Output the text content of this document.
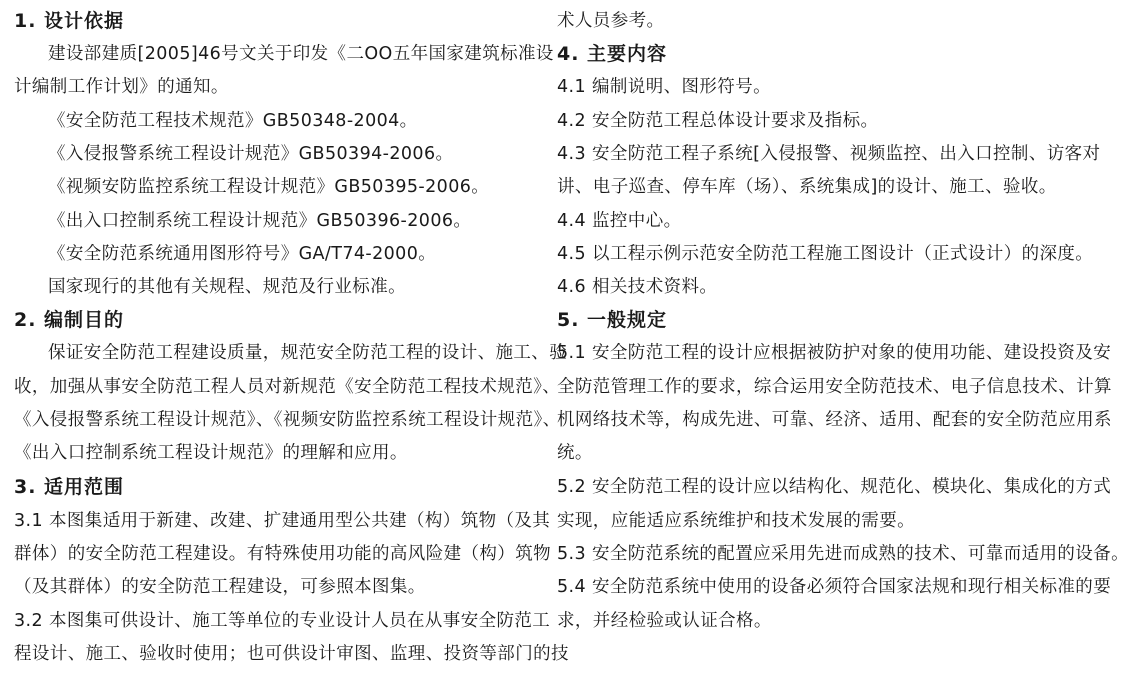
1. 设计依据
建设部建质[2005]46号文关于印发《二OO五年国家建筑标准设
计编制工作计划》的通知。
《安全防范工程技术规范》GB50348-2004。
《入侵报警系统工程设计规范》GB50394-2006。
《视频安防监控系统工程设计规范》GB50395-2006。
《出入口控制系统工程设计规范》GB50396-2006。
《安全防范系统通用图形符号》GA/T74-2000。
国家现行的其他有关规程、规范及行业标准。
2. 编制目的
保证安全防范工程建设质量，规范安全防范工程的设计、施工、验
收，加强从事安全防范工程人员对新规范《安全防范工程技术规范》、
《入侵报警系统工程设计规范》、《视频安防监控系统工程设计规范》、
《出入口控制系统工程设计规范》的理解和应用。
3. 适用范围
3.1 本图集适用于新建、改建、扩建通用型公共建（构）筑物（及其
群体）的安全防范工程建设。有特殊使用功能的高风险建（构）筑物
（及其群体）的安全防范工程建设，可参照本图集。
3.2 本图集可供设计、施工等单位的专业设计人员在从事安全防范工
程设计、施工、验收时使用；也可供设计审图、监理、投资等部门的技
术人员参考。
4. 主要内容
4.1 编制说明、图形符号。
4.2 安全防范工程总体设计要求及指标。
4.3 安全防范工程子系统[入侵报警、视频监控、出入口控制、访客对
讲、电子巡查、停车库（场）、系统集成]的设计、施工、验收。
4.4 监控中心。
4.5 以工程示例示范安全防范工程施工图设计（正式设计）的深度。
4.6 相关技术资料。
5. 一般规定
5.1 安全防范工程的设计应根据被防护对象的使用功能、建设投资及安
全防范管理工作的要求，综合运用安全防范技术、电子信息技术、计算
机网络技术等，构成先进、可靠、经济、适用、配套的安全防范应用系
统。
5.2 安全防范工程的设计应以结构化、规范化、模块化、集成化的方式
实现，应能适应系统维护和技术发展的需要。
5.3 安全防范系统的配置应采用先进而成熟的技术、可靠而适用的设备。
5.4 安全防范系统中使用的设备必须符合国家法规和现行相关标准的要
求，并经检验或认证合格。
